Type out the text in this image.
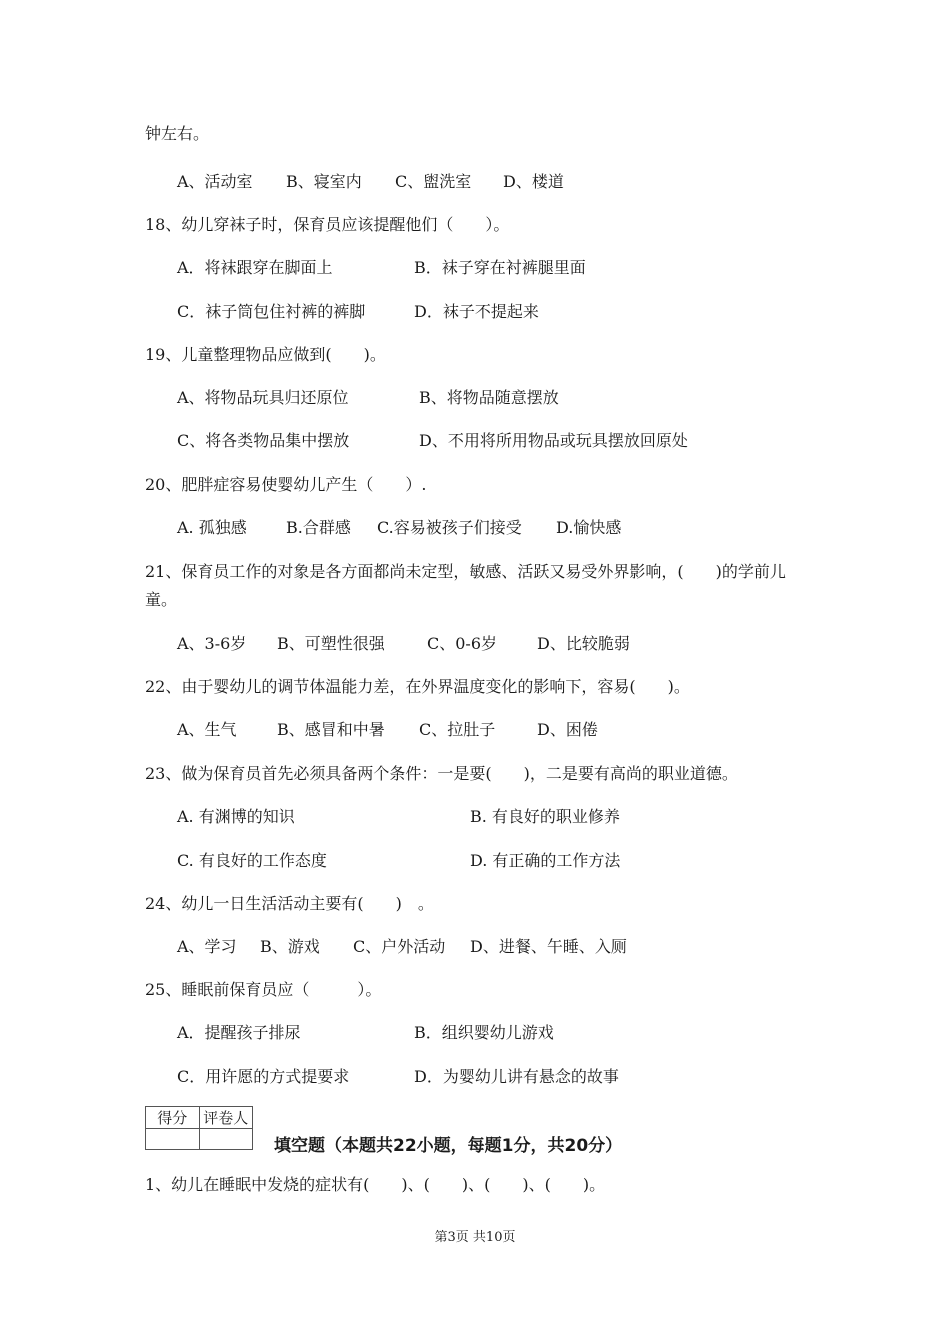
钟左右。
A、活动室 B、寝室内 C、盥洗室 D、楼道
18、幼儿穿袜子时，保育员应该提醒他们（　　）。
A．将袜跟穿在脚面上	B．袜子穿在衬裤腿里面
C．袜子筒包住衬裤的裤脚	D．袜子不提起来
19、儿童整理物品应做到(　　)。
A、将物品玩具归还原位	B、将物品随意摆放
C、将各类物品集中摆放	D、不用将所用物品或玩具摆放回原处
20、肥胖症容易使婴幼儿产生（　　）.
A. 孤独感 B.合群感 C.容易被孩子们接受 D.愉快感
21、保育员工作的对象是各方面都尚未定型，敏感、活跃又易受外界影响，(　　)的学前儿
童。
A、3-6岁 B、可塑性很强	C、0-6岁 D、比较脆弱
22、由于婴幼儿的调节体温能力差，在外界温度变化的影响下，容易(　　)。
A、生气	B、感冒和中暑 C、拉肚子	D、困倦
23、做为保育员首先必须具备两个条件：一是要(　　)，二是要有高尚的职业道德。
A. 有渊博的知识	B. 有良好的职业修养
C. 有良好的工作态度	D. 有正确的工作方法
24、幼儿一日生活活动主要有(　　)　。
A、学习 B、游戏 C、户外活动 D、进餐、午睡、入厕
25、睡眠前保育员应（　　　）。
A．提醒孩子排尿	B．组织婴幼儿游戏
C．用许愿的方式提要求	D．为婴幼儿讲有悬念的故事
得分	评卷人

填空题（本题共22小题，每题1分，共20分）
1、幼儿在睡眠中发烧的症状有(　　)、(　　)、(　　)、(　　)。
第3页 共10页
